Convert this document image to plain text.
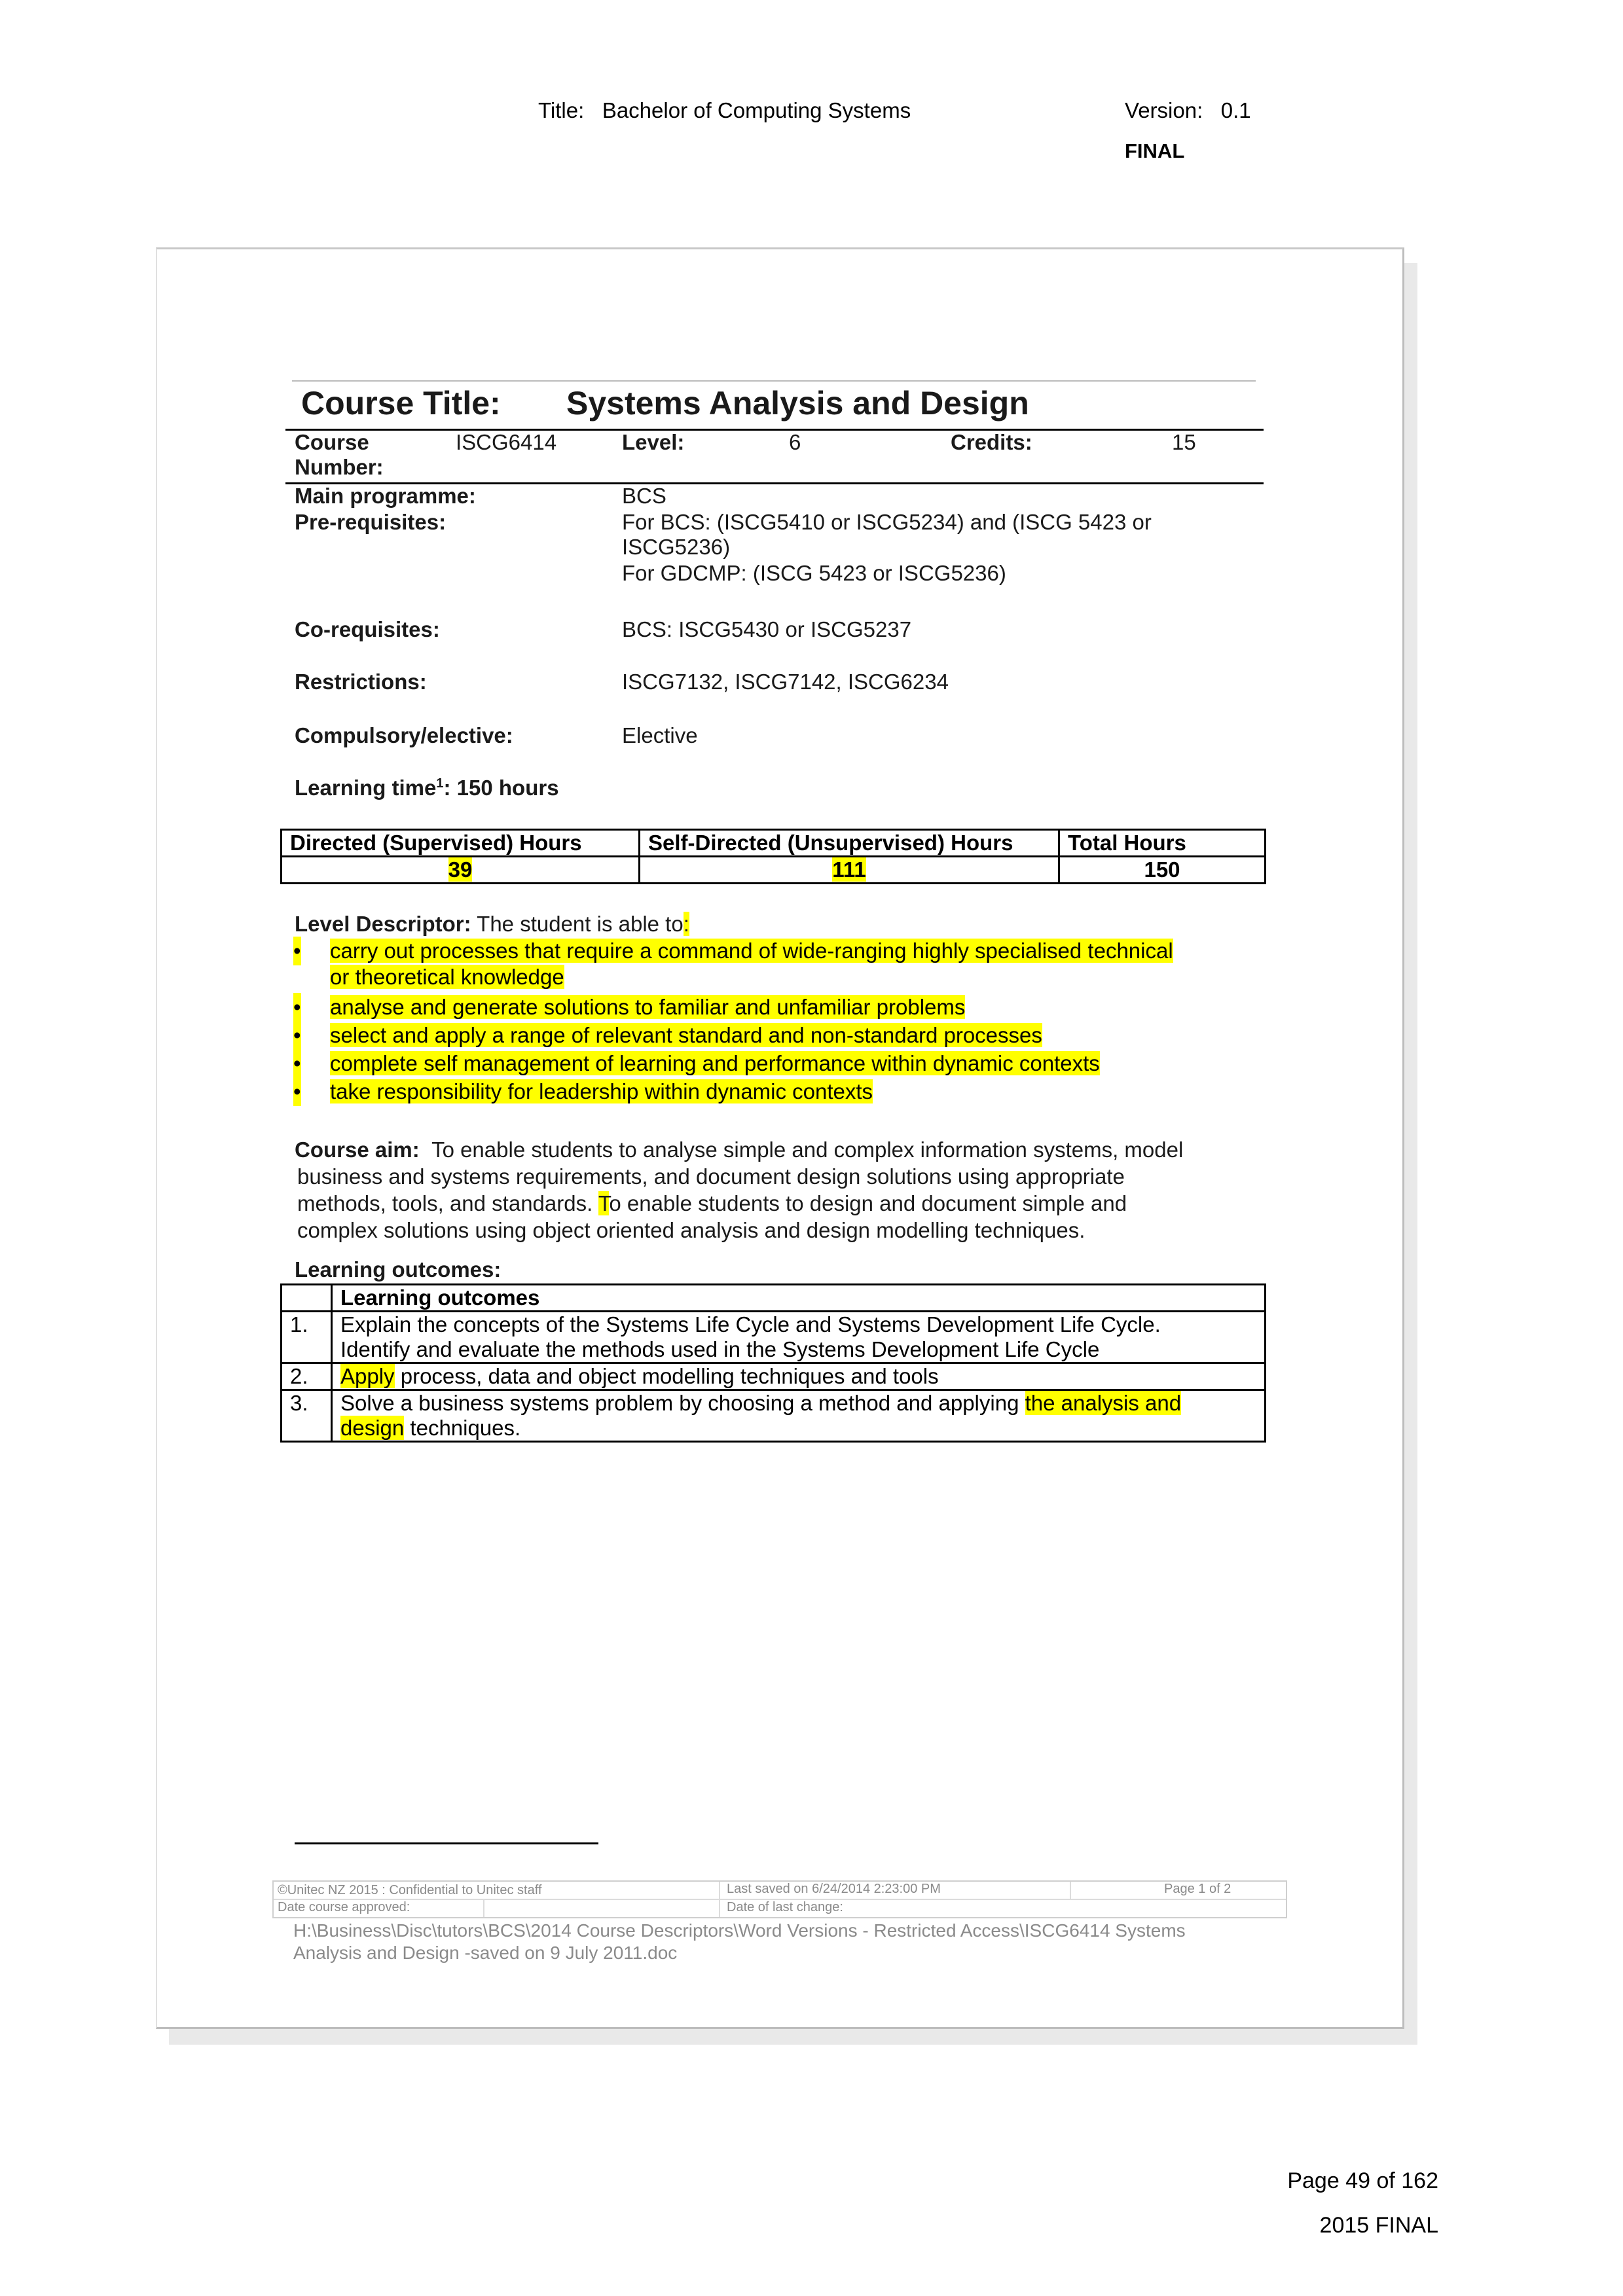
Title: Bachelor of Computing Systems	Version: 0.1
FINAL
Course Title: Systems Analysis and Design
Course
Number:
ISCG6414	Level:	6	Credits:	15
Main programme:	BCS
Pre-requisites:	For BCS: (ISCG5410 or ISCG5234) and (ISCG 5423 or
ISCG5236)
For GDCMP: (ISCG 5423 or ISCG5236)
Co-requisites:	BCS: ISCG5430 or ISCG5237
Restrictions:	ISCG7132, ISCG7142, ISCG6234
Compulsory/elective:	Elective
Learning time$^1$: 150 hours
Directed (Supervised) Hours	Self-Directed (Unsupervised) Hours	Total Hours
39	111	150
Level Descriptor: The student is able to:
• carry out processes that require a command of wide-ranging highly specialised technical
or theoretical knowledge
• analyse and generate solutions to familiar and unfamiliar problems
• select and apply a range of relevant standard and non-standard processes
• complete self management of learning and performance within dynamic contexts
• take responsibility for leadership within dynamic contexts
Course aim: To enable students to analyse simple and complex information systems, model
business and systems requirements, and document design solutions using appropriate
methods, tools, and standards. To enable students to design and document simple and
complex solutions using object oriented analysis and design modelling techniques.
Learning outcomes:
	Learning outcomes
1.	Explain the concepts of the Systems Life Cycle and Systems Development Life Cycle.
Identify and evaluate the methods used in the Systems Development Life Cycle

2.	Apply process, data and object modelling techniques and tools
3.	Solve a business systems problem by choosing a method and applying the analysis and
design techniques.
©Unitec NZ 2015 : Confidential to Unitec staff	Last saved on 6/24/2014 2:23:00 PM	Page 1 of 2
Date course approved:	Date of last change:
H:\Business\Disc\tutors\BCS\2014 Course Descriptors\Word Versions - Restricted Access\ISCG6414 Systems
Analysis and Design -saved on 9 July 2011.doc
Page 49 of 162
2015 FINAL
